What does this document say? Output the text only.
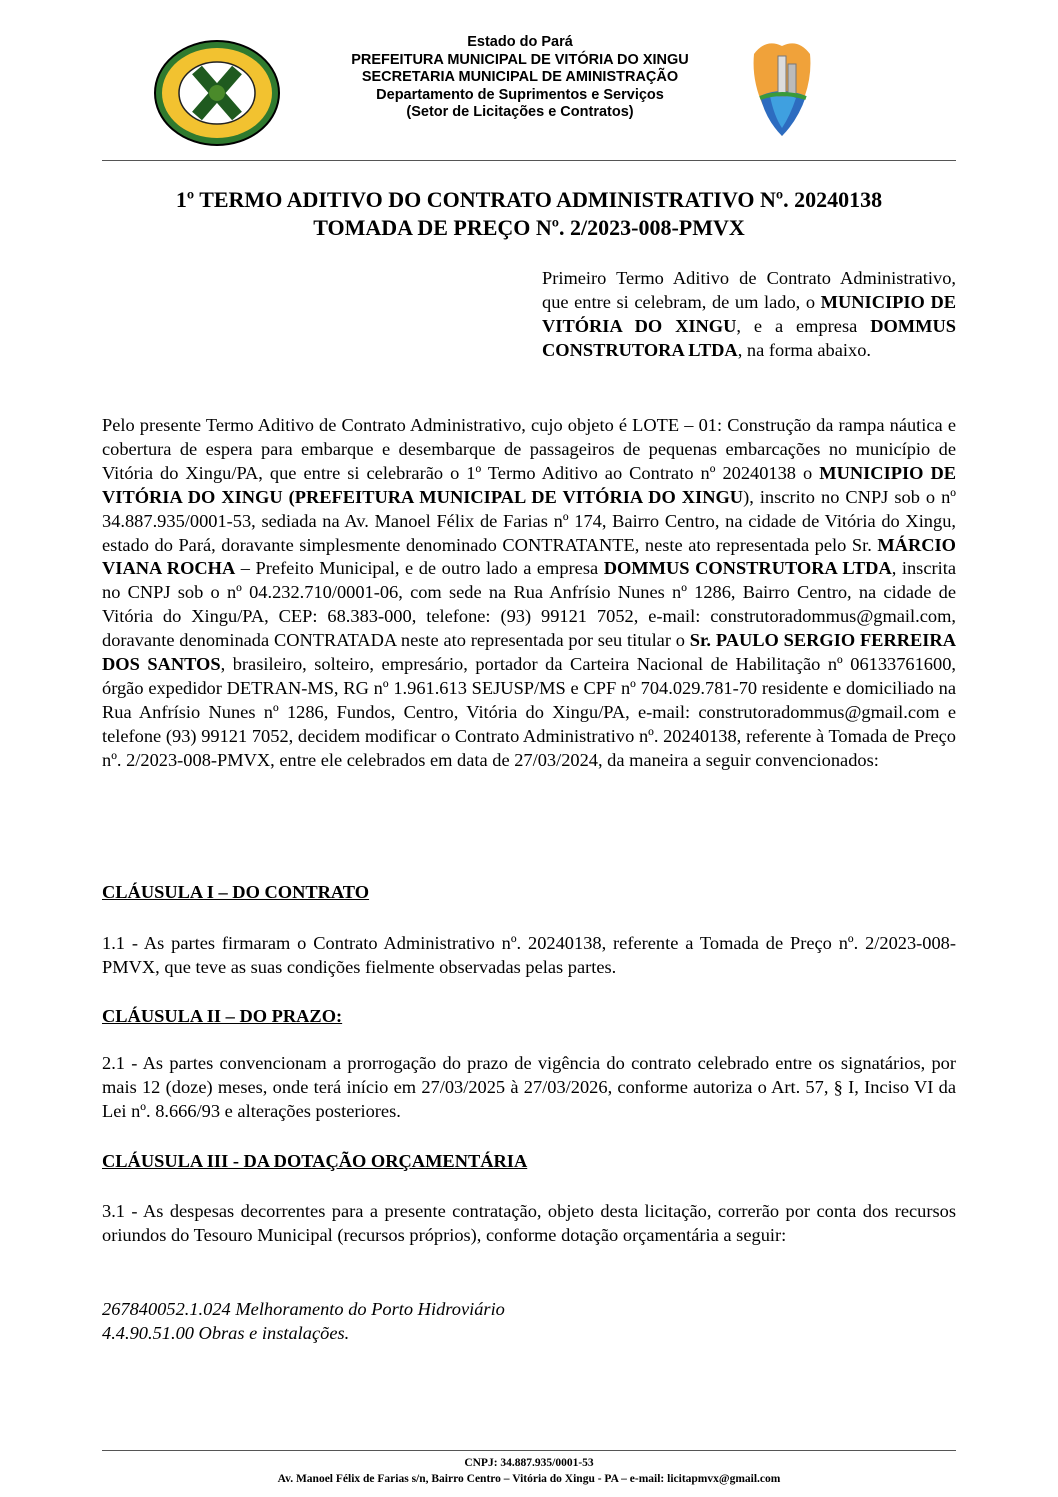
Estado do Pará
PREFEITURA MUNICIPAL DE VITÓRIA DO XINGU
SECRETARIA MUNICIPAL DE AMINISTRAÇÃO
Departamento de Suprimentos e Serviços
(Setor de Licitações e Contratos)
1º TERMO ADITIVO DO CONTRATO ADMINISTRATIVO Nº. 20240138
TOMADA DE PREÇO Nº. 2/2023-008-PMVX
Primeiro Termo Aditivo de Contrato Administrativo, que entre si celebram, de um lado, o MUNICIPIO DE VITÓRIA DO XINGU, e a empresa DOMMUS CONSTRUTORA LTDA, na forma abaixo.
Pelo presente Termo Aditivo de Contrato Administrativo, cujo objeto é LOTE – 01: Construção da rampa náutica e cobertura de espera para embarque e desembarque de passageiros de pequenas embarcações no município de Vitória do Xingu/PA, que entre si celebrarão o 1º Termo Aditivo ao Contrato nº 20240138 o MUNICIPIO DE VITÓRIA DO XINGU (PREFEITURA MUNICIPAL DE VITÓRIA DO XINGU), inscrito no CNPJ sob o nº 34.887.935/0001-53, sediada na Av. Manoel Félix de Farias nº 174, Bairro Centro, na cidade de Vitória do Xingu, estado do Pará, doravante simplesmente denominado CONTRATANTE, neste ato representada pelo Sr. MÁRCIO VIANA ROCHA – Prefeito Municipal, e de outro lado a empresa DOMMUS CONSTRUTORA LTDA, inscrita no CNPJ sob o nº 04.232.710/0001-06, com sede na Rua Anfrísio Nunes nº 1286, Bairro Centro, na cidade de Vitória do Xingu/PA, CEP: 68.383-000, telefone: (93) 99121 7052, e-mail: construtoradommus@gmail.com, doravante denominada CONTRATADA neste ato representada por seu titular o Sr. PAULO SERGIO FERREIRA DOS SANTOS, brasileiro, solteiro, empresário, portador da Carteira Nacional de Habilitação nº 06133761600, órgão expedidor DETRAN-MS, RG nº 1.961.613 SEJUSP/MS e CPF nº 704.029.781-70 residente e domiciliado na Rua Anfrísio Nunes nº 1286, Fundos, Centro, Vitória do Xingu/PA, e-mail: construtoradommus@gmail.com e telefone (93) 99121 7052, decidem modificar o Contrato Administrativo nº. 20240138, referente à Tomada de Preço nº. 2/2023-008-PMVX, entre ele celebrados em data de 27/03/2024, da maneira a seguir convencionados:
CLÁUSULA I – DO CONTRATO
1.1 - As partes firmaram o Contrato Administrativo nº. 20240138, referente a Tomada de Preço nº. 2/2023-008-PMVX, que teve as suas condições fielmente observadas pelas partes.
CLÁUSULA II – DO PRAZO:
2.1 - As partes convencionam a prorrogação do prazo de vigência do contrato celebrado entre os signatários, por mais 12 (doze) meses, onde terá início em 27/03/2025 à 27/03/2026, conforme autoriza o Art. 57, § I, Inciso VI da Lei nº. 8.666/93 e alterações posteriores.
CLÁUSULA III - DA DOTAÇÃO ORÇAMENTÁRIA
3.1 - As despesas decorrentes para a presente contratação, objeto desta licitação, correrão por conta dos recursos oriundos do Tesouro Municipal (recursos próprios), conforme dotação orçamentária a seguir:
267840052.1.024 Melhoramento do Porto Hidroviário
4.4.90.51.00 Obras e instalações.
CNPJ: 34.887.935/0001-53
Av. Manoel Félix de Farias s/n, Bairro Centro – Vitória do Xingu - PA – e-mail: licitapmvx@gmail.com
